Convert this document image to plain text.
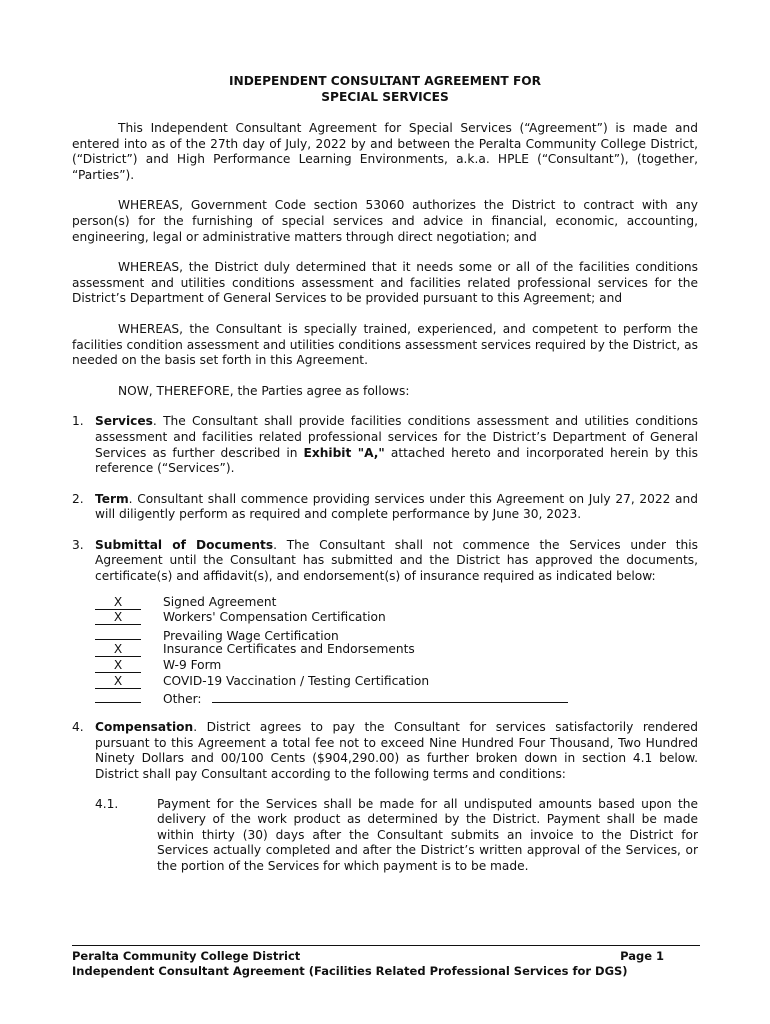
INDEPENDENT CONSULTANT AGREEMENT FOR
SPECIAL SERVICES

This Independent Consultant Agreement for Special Services (“Agreement”) is made and entered into as of the 27th day of July, 2022 by and between the Peralta Community College District, (“District”) and High Performance Learning Environments, a.k.a. HPLE (“Consultant”), (together, “Parties”).

WHEREAS, Government Code section 53060 authorizes the District to contract with any person(s) for the furnishing of special services and advice in financial, economic, accounting, engineering, legal or administrative matters through direct negotiation; and

WHEREAS, the District duly determined that it needs some or all of the facilities conditions assessment and utilities conditions assessment and facilities related professional services for the District’s Department of General Services to be provided pursuant to this Agreement; and

WHEREAS, the Consultant is specially trained, experienced, and competent to perform the facilities condition assessment and utilities conditions assessment services required by the District, as needed on the basis set forth in this Agreement.

NOW, THEREFORE, the Parties agree as follows:

1. Services. The Consultant shall provide facilities conditions assessment and utilities conditions assessment and facilities related professional services for the District’s Department of General Services as further described in Exhibit "A," attached hereto and incorporated herein by this reference (“Services”).
2. Term. Consultant shall commence providing services under this Agreement on July 27, 2022 and will diligently perform as required and complete performance by June 30, 2023.
3. Submittal of Documents. The Consultant shall not commence the Services under this Agreement until the Consultant has submitted and the District has approved the documents, certificate(s) and affidavit(s), and endorsement(s) of insurance required as indicated below:
X	Signed Agreement
X	Workers' Compensation Certification
Prevailing Wage Certification
X	Insurance Certificates and Endorsements
X	W-9 Form
X	COVID-19 Vaccination / Testing Certification
Other:
4. Compensation. District agrees to pay the Consultant for services satisfactorily rendered pursuant to this Agreement a total fee not to exceed Nine Hundred Four Thousand, Two Hundred Ninety Dollars and 00/100 Cents ($904,290.00) as further broken down in section 4.1 below. District shall pay Consultant according to the following terms and conditions:
4.1.	Payment for the Services shall be made for all undisputed amounts based upon the delivery of the work product as determined by the District. Payment shall be made within thirty (30) days after the Consultant submits an invoice to the District for Services actually completed and after the District’s written approval of the Services, or the portion of the Services for which payment is to be made.
Peralta Community College District	Page 1
Independent Consultant Agreement (Facilities Related Professional Services for DGS)
